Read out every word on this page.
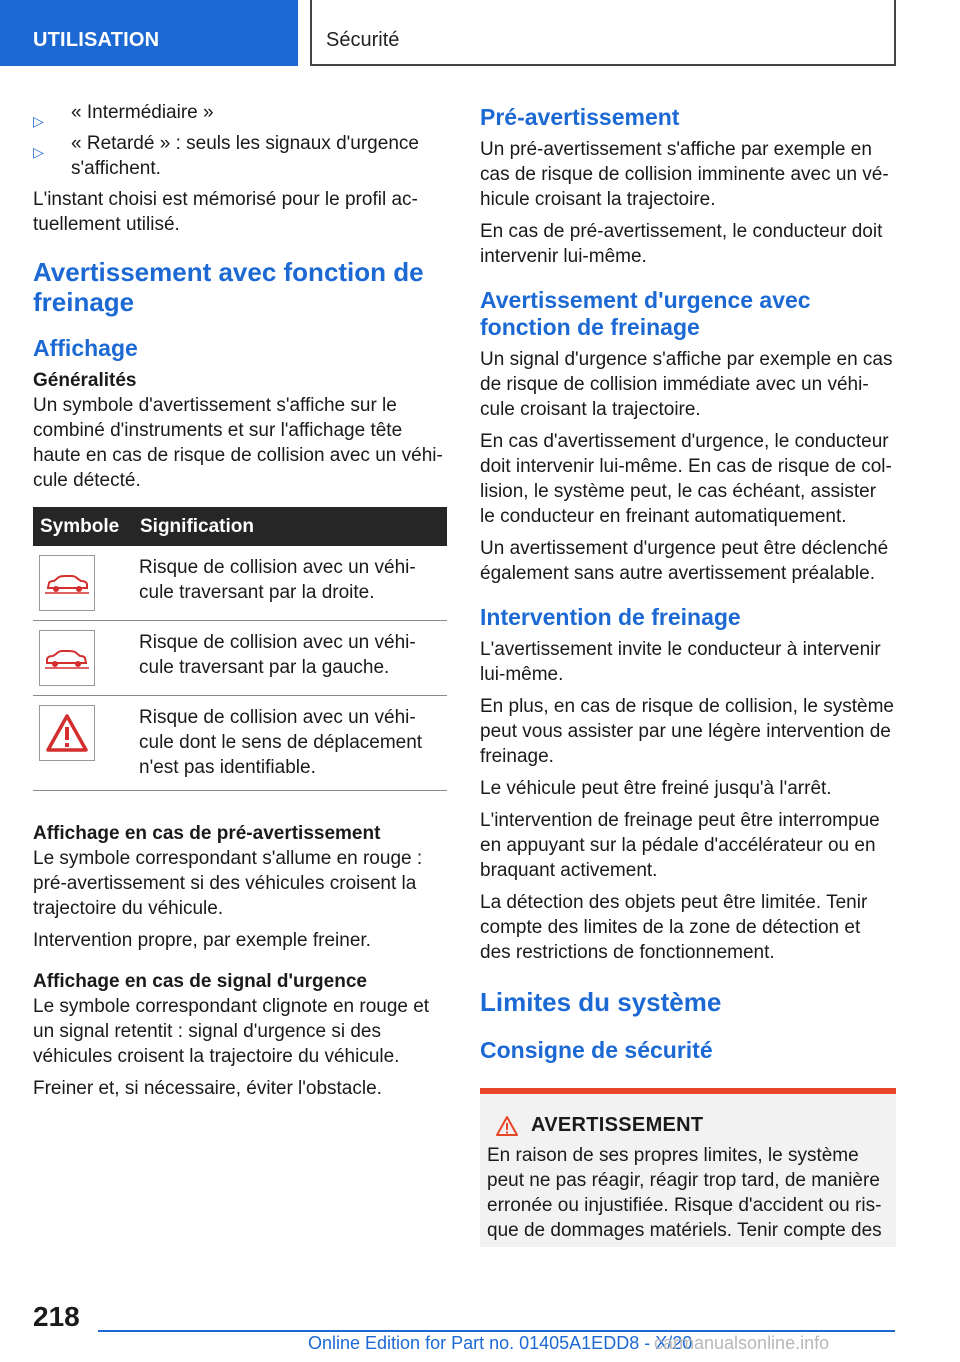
UTILISATION	Sécurité
▷ « Intermédiaire »
▷ « Retardé » : seuls les signaux d'urgence s'affichent.

L'instant choisi est mémorisé pour le profil actuellement utilisé.

Avertissement avec fonction de freinage
Affichage
Généralités

Un symbole d'avertissement s'affiche sur le combiné d'instruments et sur l'affichage tête haute en cas de risque de collision avec un véhicule détecté.

Symbole	Signification

	Risque de collision avec un véhicule traversant par la droite.

	Risque de collision avec un véhicule traversant par la gauche.

	Risque de collision avec un véhicule dont le sens de déplacement n'est pas identifiable.
Affichage en cas de pré-avertissement

Le symbole correspondant s'allume en rouge : pré-avertissement si des véhicules croisent la trajectoire du véhicule.

Intervention propre, par exemple freiner.

Affichage en cas de signal d'urgence

Le symbole correspondant clignote en rouge et un signal retentit : signal d'urgence si des véhicules croisent la trajectoire du véhicule.

Freiner et, si nécessaire, éviter l'obstacle.

Pré-avertissement

Un pré-avertissement s'affiche par exemple en cas de risque de collision imminente avec un véhicule croisant la trajectoire.

En cas de pré-avertissement, le conducteur doit intervenir lui-même.

Avertissement d'urgence avec fonction de freinage

Un signal d'urgence s'affiche par exemple en cas de risque de collision immédiate avec un véhicule croisant la trajectoire.

En cas d'avertissement d'urgence, le conducteur doit intervenir lui-même. En cas de risque de collision, le système peut, le cas échéant, assister le conducteur en freinant automatiquement.

Un avertissement d'urgence peut être déclenché également sans autre avertissement préalable.

Intervention de freinage

L'avertissement invite le conducteur à intervenir lui-même.

En plus, en cas de risque de collision, le système peut vous assister par une légère intervention de freinage.

Le véhicule peut être freiné jusqu'à l'arrêt.

L'intervention de freinage peut être interrompue en appuyant sur la pédale d'accélérateur ou en braquant activement.

La détection des objets peut être limitée. Tenir compte des limites de la zone de détection et des restrictions de fonctionnement.

Limites du système
Consigne de sécurité
AVERTISSEMENT

En raison de ses propres limites, le système peut ne pas réagir, réagir trop tard, de manière erronée ou injustifiée. Risque d'accident ou risque de dommages matériels. Tenir compte des

218
Online Edition for Part no. 01405A1EDD8 - X/20
carmanualsonline.info
